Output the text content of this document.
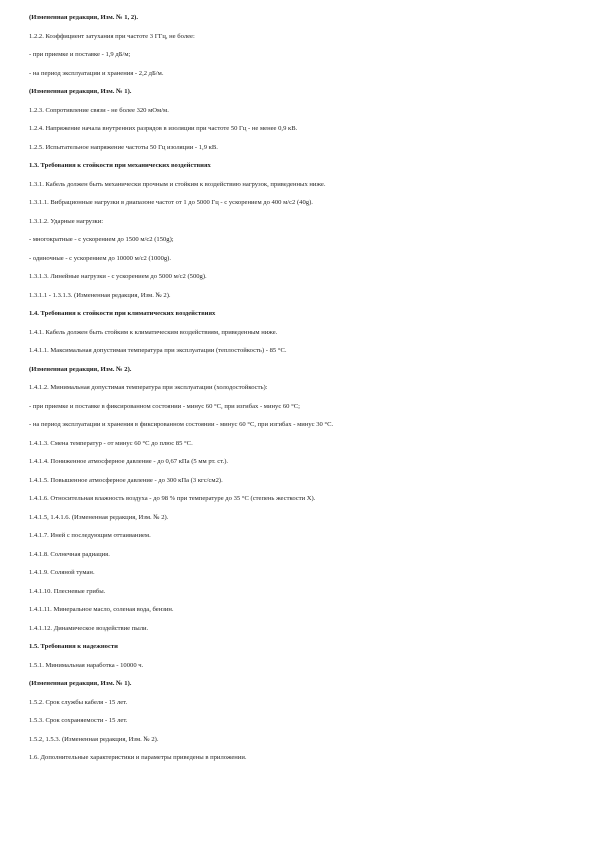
(Измененная редакция, Изм. № 1, 2).
1.2.2. Коэффициент затухания при частоте 3 ГГц, не более:
- при приемке и поставке - 1,9 дБ/м;
- на период эксплуатации и хранения - 2,2 дБ/м.
(Измененная редакция, Изм. № 1).
1.2.3. Сопротивление связи - не более 320 мОм/м.
1.2.4. Напряжение начала внутренних разрядов в изоляции при частоте 50 Гц - не менее 0,9 кВ.
1.2.5. Испытательное напряжение частоты 50 Гц изоляции - 1,9 кВ.
1.3. Требования к стойкости при механических воздействиях
1.3.1. Кабель должен быть механически прочным и стойким к воздействию нагрузок, приведенных ниже.
1.3.1.1. Вибрационные нагрузки в диапазоне частот от 1 до 5000 Гц - с ускорением до 400 м/с2 (40g).
1.3.1.2. Ударные нагрузки:
- многократные - с ускорением до 1500 м/с2 (150g);
- одиночные - с ускорением до 10000 м/с2 (1000g).
1.3.1.3. Линейные нагрузки - с ускорением до 5000 м/с2 (500g).
1.3.1.1 - 1.3.1.3. (Измененная редакция, Изм. № 2).
1.4. Требования к стойкости при климатических воздействиях
1.4.1. Кабель должен быть стойким к климатическим воздействиям, приведенным ниже.
1.4.1.1. Максимальная допустимая температура при эксплуатации (теплостойкость) - 85 °С.
(Измененная редакция, Изм. № 2).
1.4.1.2. Минимальная допустимая температура при эксплуатации (холодостойкость):
- при приемке и поставке в фиксированном состоянии - минус 60 °С, при изгибах - минус 60 °С;
- на период эксплуатации и хранения в фиксированном состоянии - минус 60 °С, при изгибах - минус 30 °С.
1.4.1.3. Смена температур - от минус 60 °С до плюс 85 °С.
1.4.1.4. Пониженное атмосферное давление - до 0,67 кПа (5 мм рт. ст.).
1.4.1.5. Повышенное атмосферное давление - до 300 кПа (3 кгс/см2).
1.4.1.6. Относительная влажность воздуха - до 98 % при температуре до 35 °С (степень жесткости X).
1.4.1.5, 1.4.1.6. (Измененная редакция, Изм. № 2).
1.4.1.7. Иней с последующим оттаиванием.
1.4.1.8. Солнечная радиация.
1.4.1.9. Соляной туман.
1.4.1.10. Плесневые грибы.
1.4.1.11. Минеральное масло, соленая вода, бензин.
1.4.1.12. Динамическое воздействие пыли.
1.5. Требования к надежности
1.5.1. Минимальная наработка - 10000 ч.
(Измененная редакция, Изм. № 1).
1.5.2. Срок службы кабеля - 15 лет.
1.5.3. Срок сохраняемости - 15 лет.
1.5.2, 1.5.3. (Измененная редакция, Изм. № 2).
1.6. Дополнительные характеристики и параметры приведены в приложении.
